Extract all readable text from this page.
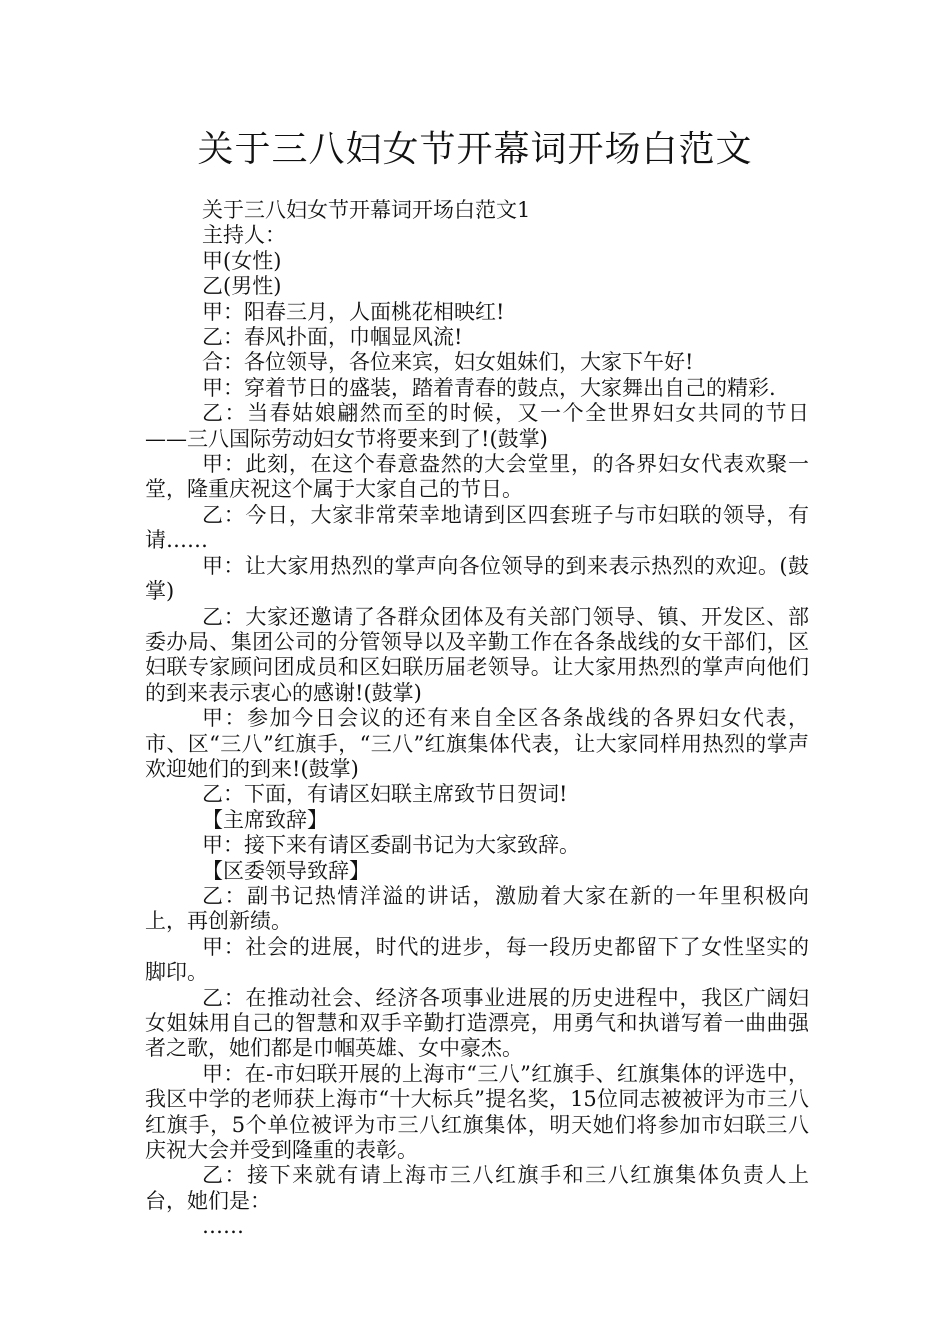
关于三八妇女节开幕词开场白范文

关于三八妇女节开幕词开场白范文1

主持人：

甲(女性)

乙(男性)

甲：阳春三月，人面桃花相映红!

乙：春风扑面，巾帼显风流!

合：各位领导，各位来宾，妇女姐妹们，大家下午好!

甲：穿着节日的盛装，踏着青春的鼓点，大家舞出自己的精彩.

乙：当春姑娘翩然而至的时候，又一个全世界妇女共同的节日——三八国际劳动妇女节将要来到了!(鼓掌)

甲：此刻，在这个春意盎然的大会堂里，的各界妇女代表欢聚一堂，隆重庆祝这个属于大家自己的节日。

乙：今日，大家非常荣幸地请到区四套班子与市妇联的领导，有请……

甲：让大家用热烈的掌声向各位领导的到来表示热烈的欢迎。(鼓掌)

乙：大家还邀请了各群众团体及有关部门领导、镇、开发区、部委办局、集团公司的分管领导以及辛勤工作在各条战线的女干部们，区妇联专家顾问团成员和区妇联历届老领导。让大家用热烈的掌声向他们的到来表示衷心的感谢!(鼓掌)

甲：参加今日会议的还有来自全区各条战线的各界妇女代表，市、区“三八”红旗手，“三八”红旗集体代表，让大家同样用热烈的掌声欢迎她们的到来!(鼓掌)

乙：下面，有请区妇联主席致节日贺词!

【主席致辞】

甲：接下来有请区委副书记为大家致辞。

【区委领导致辞】

乙：副书记热情洋溢的讲话，激励着大家在新的一年里积极向上，再创新绩。

甲：社会的进展，时代的进步，每一段历史都留下了女性坚实的脚印。

乙：在推动社会、经济各项事业进展的历史进程中，我区广阔妇女姐妹用自己的智慧和双手辛勤打造漂亮，用勇气和执谱写着一曲曲强者之歌，她们都是巾帼英雄、女中豪杰。

甲：在-市妇联开展的上海市“三八”红旗手、红旗集体的评选中，我区中学的老师获上海市“十大标兵”提名奖，15位同志被被评为市三八红旗手，5个单位被评为市三八红旗集体，明天她们将参加市妇联三八庆祝大会并受到隆重的表彰。

乙：接下来就有请上海市三八红旗手和三八红旗集体负责人上台，她们是：

……
